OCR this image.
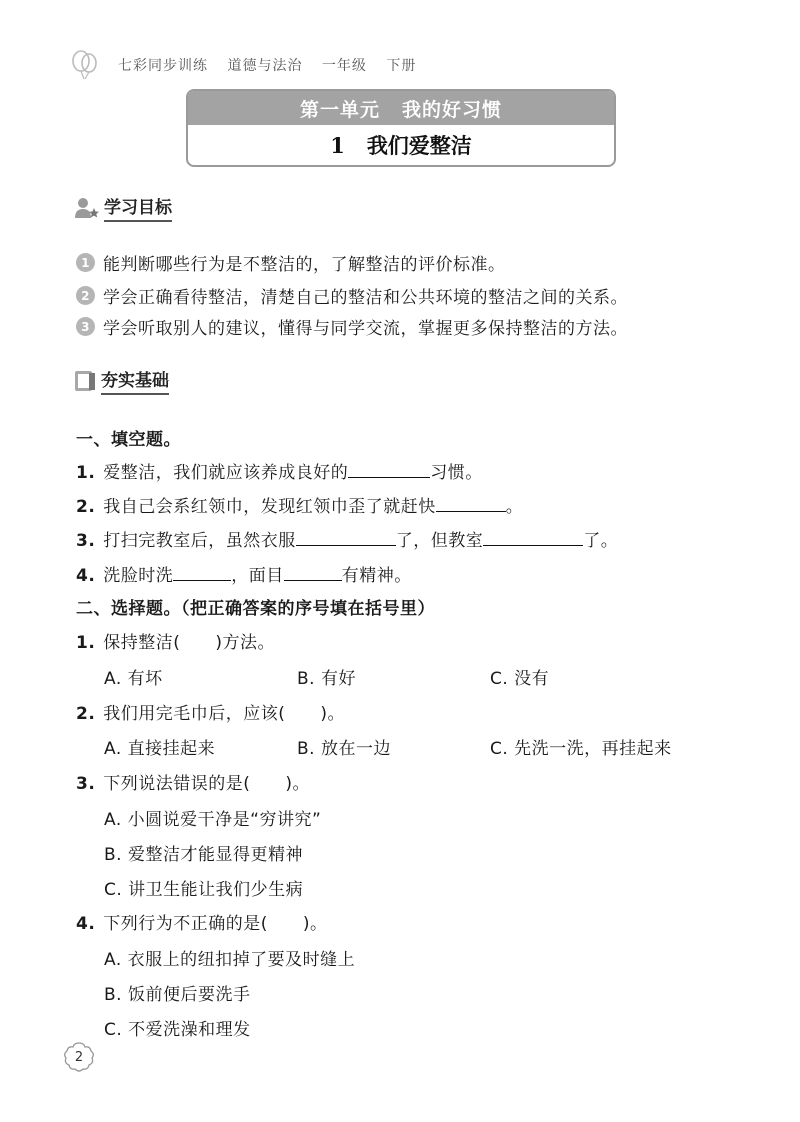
七彩同步训练 道德与法治 一年级 下册
第一单元 我的好习惯
1 我们爱整洁
学习目标
1 能判断哪些行为是不整洁的，了解整洁的评价标准。
2 学会正确看待整洁，清楚自己的整洁和公共环境的整洁之间的关系。
3 学会听取别人的建议，懂得与同学交流，掌握更多保持整洁的方法。
夯实基础
一、填空题。
1. 爱整洁，我们就应该养成良好的	习惯。
2. 我自己会系红领巾，发现红领巾歪了就赶快	。
3. 打扫完教室后，虽然衣服	了，但教室	了。
4. 洗脸时洗	，面目	有精神。
二、选择题。（把正确答案的序号填在括号里）
1. 保持整洁(　　)方法。
A. 有坏	B. 有好	C. 没有
2. 我们用完毛巾后，应该(　　)。
A. 直接挂起来	B. 放在一边	C. 先洗一洗，再挂起来
3. 下列说法错误的是(　　)。
A. 小圆说爱干净是“穷讲究”
B. 爱整洁才能显得更精神
C. 讲卫生能让我们少生病
4. 下列行为不正确的是(　　)。
A. 衣服上的纽扣掉了要及时缝上
B. 饭前便后要洗手
C. 不爱洗澡和理发
2
